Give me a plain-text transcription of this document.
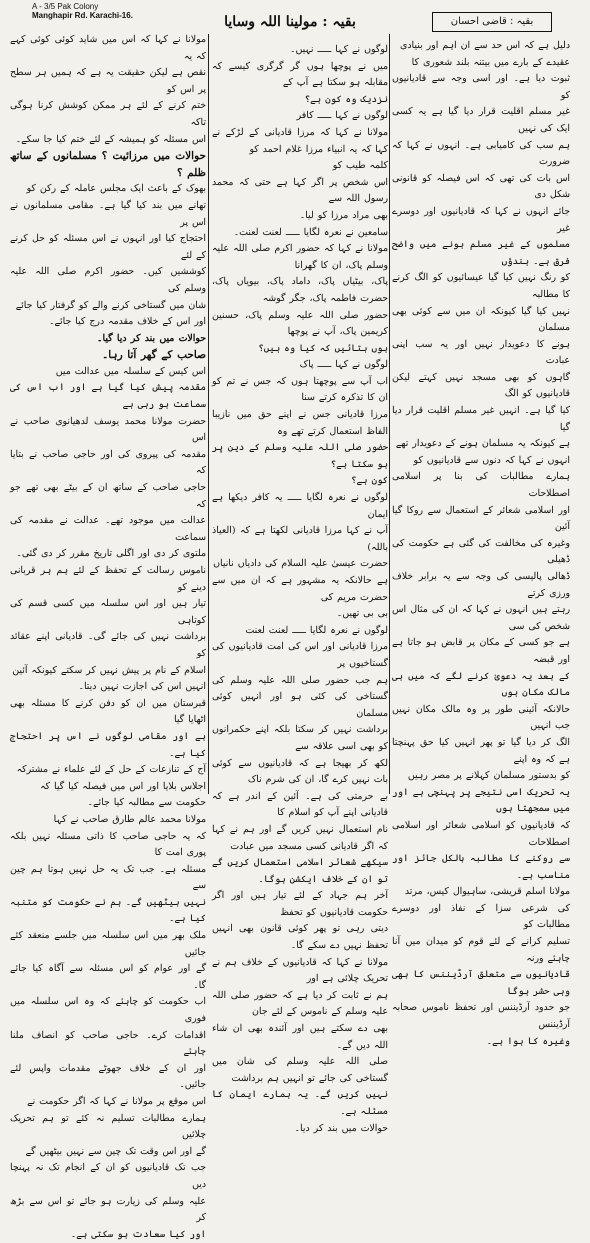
A - 3/5 Pak Colony
Manghapir Rd. Karachi-16.	بقیہ : مولینا اللہ وسایا	بقیہ : قاضی احسان

دلیل ہے کہ اس حد سے ان اہم اور بنیادی

عقیدے کے بارے میں بیتنہ بلند شعوری کا

ثبوت دیا ہے۔ اور اسی وجہ سے قادیانیوں کو

غیر مسلم اقلیت قرار دیا گیا ہے یہ کسی ایک کی نہیں

ہم سب کی کامیابی ہے۔ انہوں نے کہا کہ ضرورت

اس بات کی تھی کہ اس فیصلہ کو قانونی شکل دی

جائے انہوں نے کہا کہ قادیانیوں اور دوسرے غیر

مسلموں کے غیر مسلم ہونے میں واضح فرق ہے۔ ہندؤں

کو رنگ نہیں کیا گیا عیسائیوں کو الگ کرنے کا مطالبہ

نہیں کیا گیا کیونکہ ان میں سے کوئی بھی مسلمان

ہونے کا دعویدار نہیں اور یہ سب اپنی عبادت

گاہوں کو بھی مسجد نہیں کہتے لیکن قادیانیوں کو الگ

کیا گیا ہے۔ انہیں غیر مسلم اقلیت قرار دیا گیا

ہے کیونکہ یہ مسلمان ہونے کے دعویدار تھے

انہوں نے کہا کہ دنوں سے قادیانیوں کو

ہمارے مطالبات کی بنا پر اسلامی اصطلاحات

اور اسلامی شعائر کے استعمال سے روکا گیا آئین

وغیرہ کی مخالفت کی گئی ہے حکومت کی ڈھیلی

ڈھالی پالیسی کی وجہ سے یہ برابر خلاف ورزی کرتے

رہتے ہیں انہوں نے کہا کہ ان کی مثال اس شخص کی سی

ہے جو کسی کے مکان پر قابض ہو جاتا ہے اور قبضہ

کے بعد یہ دعویٰ کرنے لگے کہ میں ہی مالک مکان ہوں

حالانکہ آئینی طور پر وہ مالک مکان نہیں جب انہیں

الگ کر دیا گیا تو پھر انہیں کیا حق پہنچتا ہے کہ وہ اپنے

کو بدستور مسلمان کہلانے پر مصر رہیں

یہ تحریک اسی نتیجے پر پہنچی ہے اور میں سمجھتا ہوں

کہ قادیانیوں کو اسلامی شعائر اور اسلامی اصطلاحات

سے روکنے کا مطالبہ بالکل جائز اور مناسب ہے۔

مولانا اسلم قریشی، ساہیوال کیس، مرتد

کی شرعی سزا کے نفاذ اور دوسرے مطالبات کو

تسلیم کرانے کے لئے قوم کو میدان میں آنا چاہئے ورنہ

قادیانیوں سے متعلق آرڈیننس کا بھی وہی حشر ہوگا

جو حدود آرڈیننس اور تحفظ ناموس صحابہ آرڈیننس

وغیرہ کا ہوا ہے۔

لوگوں نے کہا ـــــ نہیں۔

میں نے پوچھا ہوں گر گرگری کیسے کہ مقابلہ ہو سکتا ہے آپ کے

نزدیک وہ کون ہے؟

لوگوں نے کہا ـــــ کافر

مولانا نے کہا کہ مرزا قادیانی کے لڑکے نے کہا کہ یہ انبیاء مرزا غلام احمد کو

کلمہ طیب کو

اس شخص پر اگر کہا ہے حتی کہ محمد رسول اللہ سے

بھی مراد مرزا کو لیا۔

سامعین نے نعرہ لگایا ـــــ لعنت لعنت۔

مولانا نے کہا کہ حضور اکرم صلی اللہ علیہ وسلم پاک، ان کا گھرانا

پاک، بیٹیاں پاک، داماد پاک، بیویاں پاک، حضرت فاطمہ پاک، جگر گوشہ

حضور صلی اللہ علیہ وسلم پاک، حسنین کریمین پاک، آپ نے پوچھا

ہوں بتائیں کہ کیا وہ ہیں؟

لوگوں نے کہا ـــــ پاک

اب آپ سے پوچھتا ہوں کہ جس نے تم کو ان کا تذکرہ کرتے سنا

مرزا قادیانی جس نے اپنے حق میں نازیبا الفاظ استعمال کرتے تھے وہ

حضور صلی اللہ علیہ وسلم کے دین پر ہو سکتا ہے؟

کون ہے؟

لوگوں نے نعرہ لگایا ـــــ یہ کافر دیکھا ہے ایمان

آپ نے کہا مرزا قادیانی لکھتا ہے کہ (العیاذ باللہ)

حضرت عیسیٰ علیہ السلام کی دادیاں نانیاں

ہے حالانکہ یہ مشہور ہے کہ ان میں سے حضرت مریم کی

بی بی تھیں۔

لوگوں نے نعرہ لگایا ـــــ لعنت لعنت

مرزا قادیانی اور اس کی امت قادیانیوں کی گستاخیوں پر

ہم جب حضور صلی اللہ علیہ وسلم کی گستاخی کی کئی ہو اور انہیں کوئی مسلمان

برداشت نہیں کر سکتا بلکہ اپنے حکمرانوں کو بھی اسی علاقہ سے

لکھ کر بھیجا ہے کہ قادیانیوں سے کوئی بات نہیں کرے گا، ان کی شرم ناک

بے حرمتی کی ہے۔ آئین کے اندر ہے کہ قادیانی اپنے آپ کو اسلام کا

نام استعمال نہیں کریں گے اور ہم نے کہا کہ اگر قادیانی کسی مسجد میں عبادت

سیکھے شعائر اسلامی استعمال کریں گے تو ان کے خلاف ایکشن ہوگا۔

آخر ہم جہاد کے لئے تیار ہیں اور اگر حکومت قادیانیوں کو تحفظ

دیتی رہی تو پھر کوئی قانون بھی انہیں تحفظ نہیں دے سکے گا۔

مولانا نے کہا کہ قادیانیوں کے خلاف ہم نے تحریک چلائی ہے اور

ہم نے ثابت کر دیا ہے کہ حضور صلی اللہ علیہ وسلم کے ناموس کے لئے جان

بھی دے سکتے ہیں اور آئندہ بھی ان شاء اللہ دیں گے۔

صلی اللہ علیہ وسلم کی شان میں گستاخی کی جائے تو انہیں ہم برداشت

نہیں کریں گے۔ یہ ہمارے ایمان کا مسئلہ ہے۔

حوالات میں بند کر دیا۔

مولانا نے کہا کہ اس میں شاید کوئی کوئی کہے کہ یہ

نقص ہے لیکن حقیقت یہ ہے کہ ہمیں ہر سطح پر اس کو

ختم کرنے کے لئے ہر ممکن کوشش کرنا ہوگی تاکہ

اس مسئلہ کو ہمیشہ کے لئے ختم کیا جا سکے۔

حوالات میں مرزائیت ؟ مسلمانوں کے ساتھ ظلم ؟

بھوک کے باعث ایک مجلس عاملہ کے رکن کو

تھانے میں بند کیا گیا ہے۔ مقامی مسلمانوں نے اس پر

احتجاج کیا اور انہوں نے اس مسئلہ کو حل کرنے کے لئے

کوششیں کیں۔ حضور اکرم صلی اللہ علیہ وسلم کی

شان میں گستاخی کرنے والے کو گرفتار کیا جائے

اور اس کے خلاف مقدمہ درج کیا جائے۔

حوالات میں بند کر دیا گیا۔

صاحب کے گھر آتا رہا۔

اس کیس کے سلسلہ میں عدالت میں

مقدمہ پیش کیا گیا ہے اور اب اس کی سماعت ہو رہی ہے

حضرت مولانا محمد یوسف لدھیانوی صاحب نے اس

مقدمہ کی پیروی کی اور حاجی صاحب نے بتایا کہ

حاجی صاحب کے ساتھ ان کے بیٹے بھی تھے جو کہ

عدالت میں موجود تھے۔ عدالت نے مقدمہ کی سماعت

ملتوی کر دی اور اگلی تاریخ مقرر کر دی گئی۔

ناموس رسالت کے تحفظ کے لئے ہم ہر قربانی دینے کو

تیار ہیں اور اس سلسلہ میں کسی قسم کی کوتاہی

برداشت نہیں کی جائے گی۔ قادیانی اپنے عقائد کو

اسلام کے نام پر پیش نہیں کر سکتے کیونکہ آئین

انہیں اس کی اجازت نہیں دیتا۔

قبرستان میں ان کو دفن کرنے کا مسئلہ بھی اٹھایا گیا

ہے اور مقامی لوگوں نے اس پر احتجاج کیا ہے۔

آج کے تنازعات کے حل کے لئے علماء نے مشترکہ

اجلاس بلایا اور اس میں فیصلہ کیا گیا کہ

حکومت سے مطالبہ کیا جائے۔

مولانا محمد عالم طارق صاحب نے کہا

کہ یہ حاجی صاحب کا ذاتی مسئلہ نہیں بلکہ پوری امت کا

مسئلہ ہے۔ جب تک یہ حل نہیں ہوتا ہم چین سے

نہیں بیٹھیں گے۔ ہم نے حکومت کو متنبہ کیا ہے۔

ملک بھر میں اس سلسلہ میں جلسے منعقد کئے جائیں

گے اور عوام کو اس مسئلہ سے آگاہ کیا جائے گا۔

اب حکومت کو چاہئے کہ وہ اس سلسلہ میں فوری

اقدامات کرے۔ حاجی صاحب کو انصاف ملنا چاہئے

اور ان کے خلاف جھوٹے مقدمات واپس لئے جائیں۔

اس موقع پر مولانا نے کہا کہ اگر حکومت نے

ہمارے مطالبات تسلیم نہ کئے تو ہم تحریک چلائیں

گے اور اس وقت تک چین سے نہیں بیٹھیں گے

جب تک قادیانیوں کو ان کے انجام تک نہ پہنچا دیں

علیہ وسلم کی زیارت ہو جائے تو اس سے بڑھ کر

اور کیا سعادت ہو سکتی ہے۔
